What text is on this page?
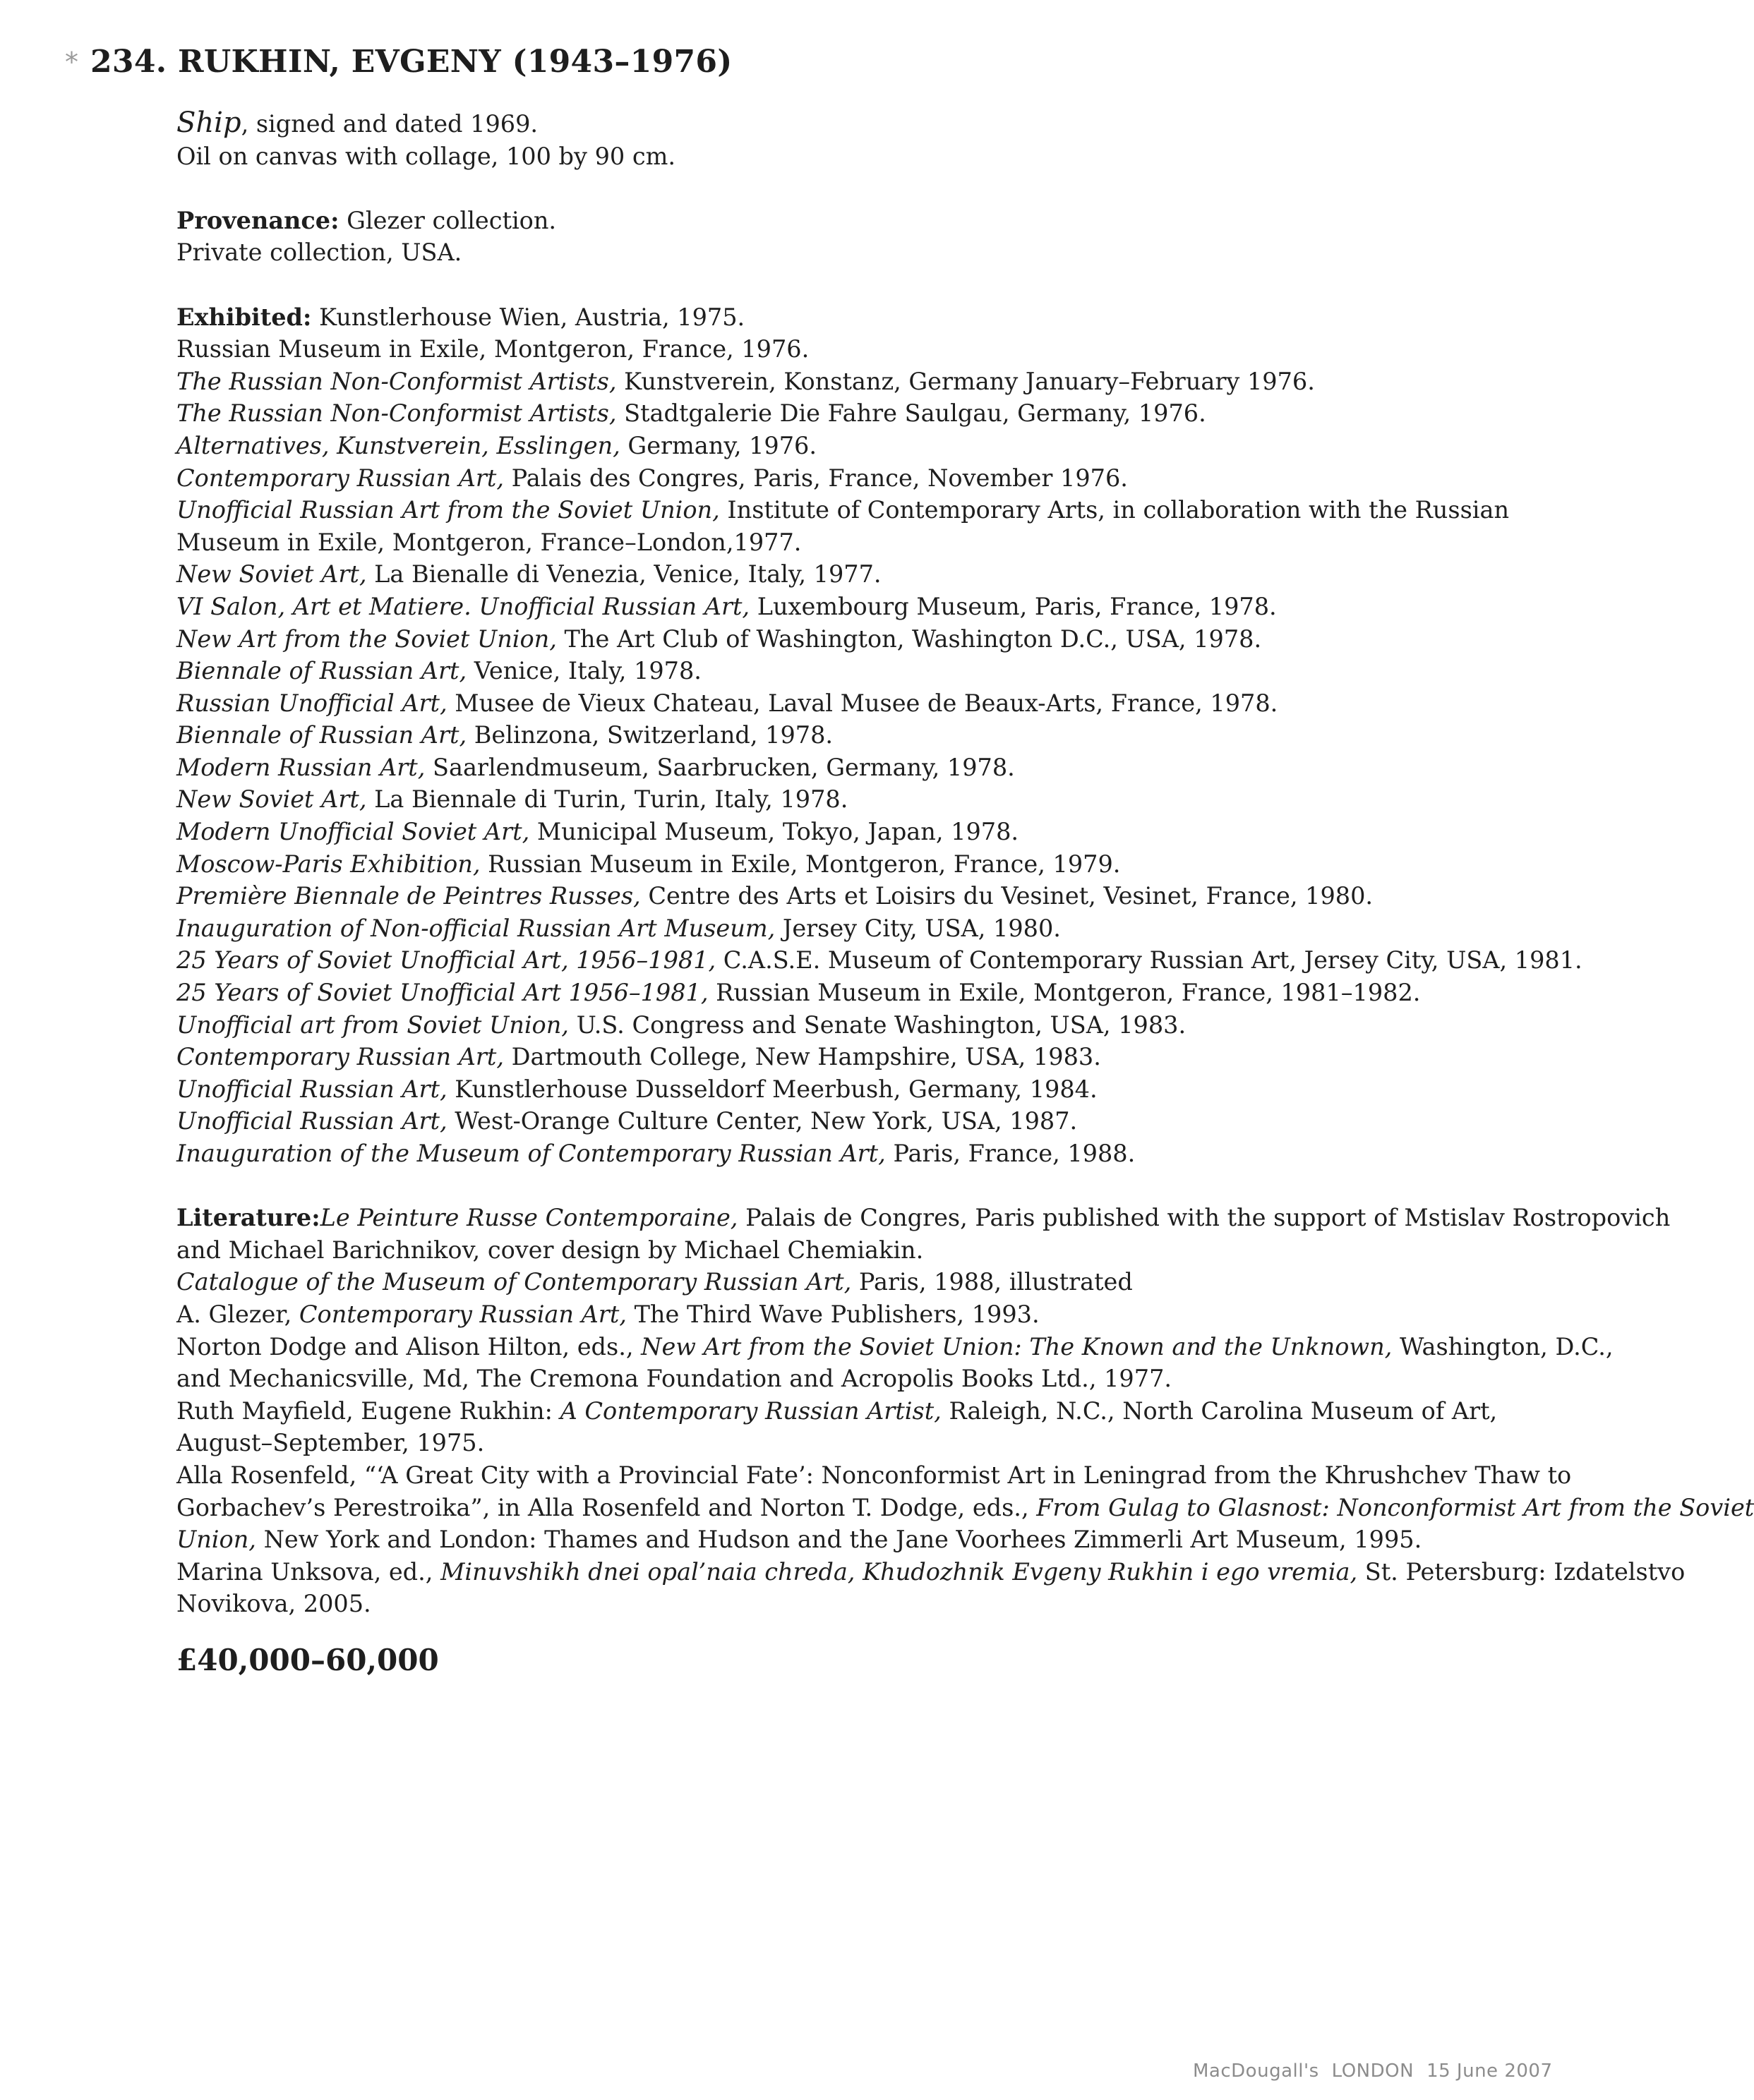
* 234. RUKHIN, EVGENY (1943–1976)
Ship, signed and dated 1969.
Oil on canvas with collage, 100 by 90 cm.
Provenance: Glezer collection.
Private collection, USA.
Exhibited: Kunstlerhouse Wien, Austria, 1975.
Russian Museum in Exile, Montgeron, France, 1976.
The Russian Non-Conformist Artists, Kunstverein, Konstanz, Germany January–February 1976.
The Russian Non-Conformist Artists, Stadtgalerie Die Fahre Saulgau, Germany, 1976.
Alternatives, Kunstverein, Esslingen, Germany, 1976.
Contemporary Russian Art, Palais des Congres, Paris, France, November 1976.
Unofficial Russian Art from the Soviet Union, Institute of Contemporary Arts, in collaboration with the Russian
Museum in Exile, Montgeron, France–London,1977.
New Soviet Art, La Bienalle di Venezia, Venice, Italy, 1977.
VI Salon, Art et Matiere. Unofficial Russian Art, Luxembourg Museum, Paris, France, 1978.
New Art from the Soviet Union, The Art Club of Washington, Washington D.C., USA, 1978.
Biennale of Russian Art, Venice, Italy, 1978.
Russian Unofficial Art, Musee de Vieux Chateau, Laval Musee de Beaux-Arts, France, 1978.
Biennale of Russian Art, Belinzona, Switzerland, 1978.
Modern Russian Art, Saarlendmuseum, Saarbrucken, Germany, 1978.
New Soviet Art, La Biennale di Turin, Turin, Italy, 1978.
Modern Unofficial Soviet Art, Municipal Museum, Tokyo, Japan, 1978.
Moscow-Paris Exhibition, Russian Museum in Exile, Montgeron, France, 1979.
Première Biennale de Peintres Russes, Centre des Arts et Loisirs du Vesinet, Vesinet, France, 1980.
Inauguration of Non-official Russian Art Museum, Jersey City, USA, 1980.
25 Years of Soviet Unofficial Art, 1956–1981, C.A.S.E. Museum of Contemporary Russian Art, Jersey City, USA, 1981.
25 Years of Soviet Unofficial Art 1956–1981, Russian Museum in Exile, Montgeron, France, 1981–1982.
Unofficial art from Soviet Union, U.S. Congress and Senate Washington, USA, 1983.
Contemporary Russian Art, Dartmouth College, New Hampshire, USA, 1983.
Unofficial Russian Art, Kunstlerhouse Dusseldorf Meerbush, Germany, 1984.
Unofficial Russian Art, West-Orange Culture Center, New York, USA, 1987.
Inauguration of the Museum of Contemporary Russian Art, Paris, France, 1988.
Literature:Le Peinture Russe Contemporaine, Palais de Congres, Paris published with the support of Mstislav Rostropovich
and Michael Barichnikov, cover design by Michael Chemiakin.
Catalogue of the Museum of Contemporary Russian Art, Paris, 1988, illustrated
A. Glezer, Contemporary Russian Art, The Third Wave Publishers, 1993.
Norton Dodge and Alison Hilton, eds., New Art from the Soviet Union: The Known and the Unknown, Washington, D.C.,
and Mechanicsville, Md, The Cremona Foundation and Acropolis Books Ltd., 1977.
Ruth Mayfield, Eugene Rukhin: A Contemporary Russian Artist, Raleigh, N.C., North Carolina Museum of Art,
August–September, 1975.
Alla Rosenfeld, “‘A Great City with a Provincial Fate’: Nonconformist Art in Leningrad from the Khrushchev Thaw to
Gorbachev’s Perestroika”, in Alla Rosenfeld and Norton T. Dodge, eds., From Gulag to Glasnost: Nonconformist Art from the Soviet
Union, New York and London: Thames and Hudson and the Jane Voorhees Zimmerli Art Museum, 1995.
Marina Unksova, ed., Minuvshikh dnei opal’naia chreda, Khudozhnik Evgeny Rukhin i ego vremia, St. Petersburg: Izdatelstvo
Novikova, 2005.
£40,000–60,000
MacDougall's LONDON 15 June 2007
